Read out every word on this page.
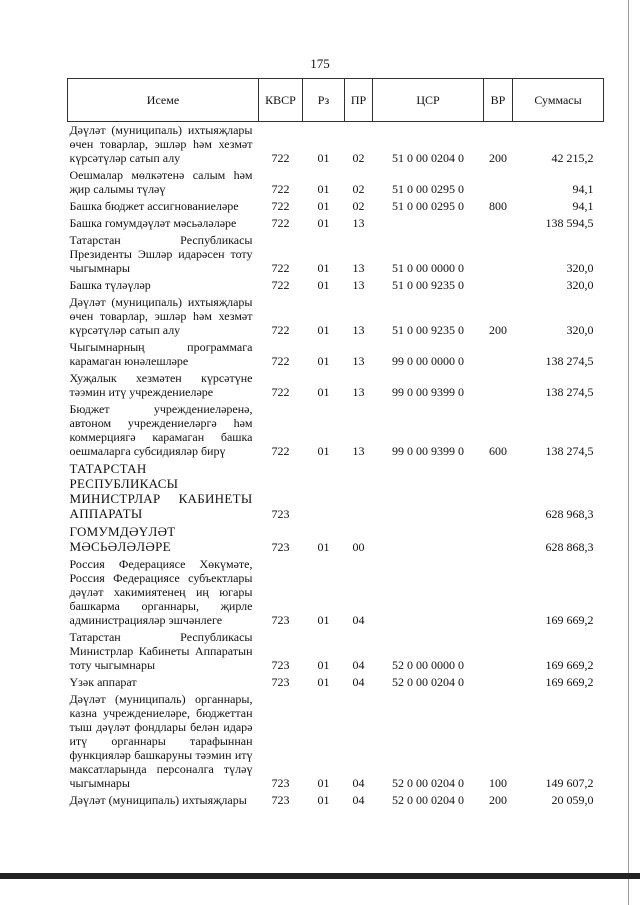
175
Исеме	КВСР	Рз	ПР	ЦСР	ВР	Суммасы
Дәүләт (муниципаль) ихтыяҗлары өчен товарлар, эшләр һәм хезмәт күрсәтүләр сатып алу	722	01	02	51 0 00 0204 0	200	42 215,2
Оешмалар мөлкәтенә салым һәм җир салымы түләү	722	01	02	51 0 00 0295 0		94,1
Башка бюджет ассигнованиеләре	722	01	02	51 0 00 0295 0	800	94,1
Башка гомумдәүләт мәсьәләләре	722	01	13			138 594,5
Татарстан Республикасы Президенты Эшләр идарәсен тоту чыгымнары	722	01	13	51 0 00 0000 0		320,0
Башка түләүләр	722	01	13	51 0 00 9235 0		320,0
Дәүләт (муниципаль) ихтыяҗлары өчен товарлар, эшләр һәм хезмәт күрсәтүләр сатып алу	722	01	13	51 0 00 9235 0	200	320,0
Чыгымнарның программага карамаган юнәлешләре	722	01	13	99 0 00 0000 0		138 274,5
Хуҗалык хезмәтен күрсәтүне тәэмин итү учреждениеләре	722	01	13	99 0 00 9399 0		138 274,5
Бюджет учреждениеләренә, автоном учреждениеләргә һәм коммерциягә карамаган башка оешмаларга субсидияләр бирү	722	01	13	99 0 00 9399 0	600	138 274,5
ТАТАРСТАН РЕСПУБЛИКАСЫ МИНИСТРЛАР КАБИНЕТЫ АППАРАТЫ	723					628 968,3
ГОМУМДӘҮЛӘТ МӘСЬӘЛӘЛӘРЕ	723	01	00			628 868,3
Россия Федерациясе Хөкүмәте, Россия Федерациясе субъектлары дәүләт хакимиятенең иң югары башкарма органнары, җирле администрацияләр эшчәнлеге	723	01	04			169 669,2
Татарстан Республикасы Министрлар Кабинеты Аппаратын тоту чыгымнары	723	01	04	52 0 00 0000 0		169 669,2
Үзәк аппарат	723	01	04	52 0 00 0204 0		169 669,2
Дәүләт (муниципаль) органнары, казна учреждениеләре, бюджеттан тыш дәүләт фондлары белән идарә итү органнары тарафыннан функцияләр башкаруны тәэмин итү максатларында персоналга түләү чыгымнары	723	01	04	52 0 00 0204 0	100	149 607,2
Дәүләт (муниципаль) ихтыяҗлары	723	01	04	52 0 00 0204 0	200	20 059,0
